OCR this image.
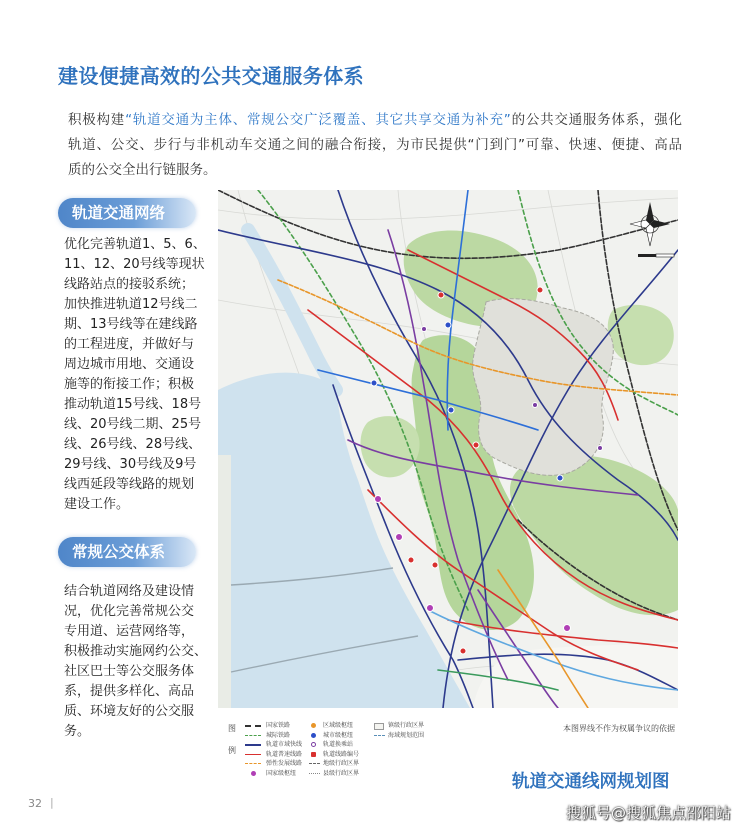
建设便捷高效的公共交通服务体系
积极构建“轨道交通为主体、常规公交广泛覆盖、其它共享交通为补充”的公共交通服务体系，强化
轨道、公交、步行与非机动车交通之间的融合衔接，为市民提供“门到门”可靠、快速、便捷、高品
质的公交全出行链服务。
轨道交通网络
优化完善轨道1、5、6、
11、12、20号线等现状
线路站点的接驳系统；
加快推进轨道12号线二
期、13号线等在建线路
的工程进度，并做好与
周边城市用地、交通设
施等的衔接工作；积极
推动轨道15号线、18号
线、20号线二期、25号
线、26号线、28号线、
29号线、30号线及9号
线西延段等线路的规划
建设工作。
常规公交体系
结合轨道网络及建设情
况，优化完善常规公交
专用道、运营网络等，
积极推动实施网约公交、
社区巴士等公交服务体
系，提供多样化、高品
质、环境友好的公交服
务。	图
例
国家铁路
城际铁路
轨道市域快线
轨道普速线路
弹性发展线路
国家级枢纽
区域级枢纽
城市级枢纽
轨道换乘站
轨道线路编号
地级行政区界
县级行政区界
镇级行政区界
海域规划范围
本图界线不作为权属争议的依据
轨道交通线网规划图
32 |
搜狐号@搜狐焦点邵阳站
